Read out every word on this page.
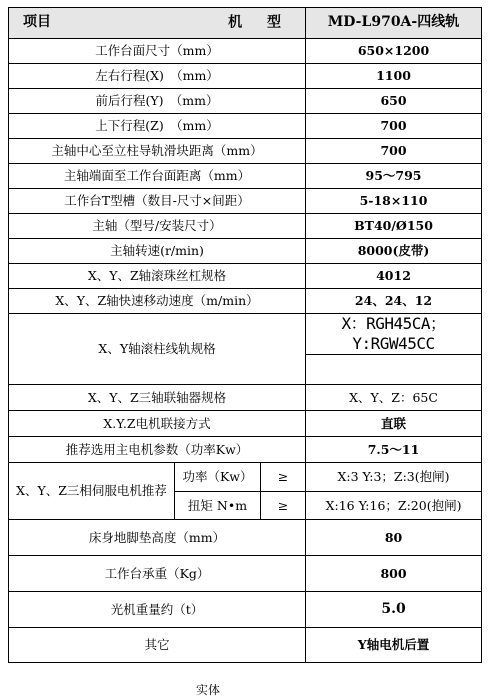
项目 机 型			MD-L970A-四线轨
工作台面尺寸（mm）			650×1200
左右行程(X)　（mm）			1100
前后行程(Y)　（mm）			650
上下行程(Z)　（mm）			700
主轴中心至立柱导轨滑块距离（mm）			700
主轴端面至工作台面距离（mm）			95～795
工作台T型槽（数目-尺寸×间距）			5-18×110
主轴（型号/安装尺寸）			BT40/Ø150
主轴转速(r/min)			8000(皮带)
X、Y、Z轴滚珠丝杠规格			4012
X、Y、Z轴快速移动速度（m/min）			24、24、12
X、Y轴滚柱线轨规格			X：RGH45CA；Y:RGW45CC

X、Y、Z三轴联轴器规格			X、Y、Z：65C
X.Y.Z电机联接方式			直联
推荐选用主电机参数（功率Kw）			7.5～11
X、Y、Z三相伺服电机推荐	功率（Kw）	≥	X:3 Y:3；Z:3(抱闸)
	扭矩 N•m	≥	X:16 Y:16；Z:20(抱闸)
床身地脚垫高度（mm）			80
工作台承重（Kg）			800
光机重量约（t）			5.0
其它			Y轴电机后置
实体
